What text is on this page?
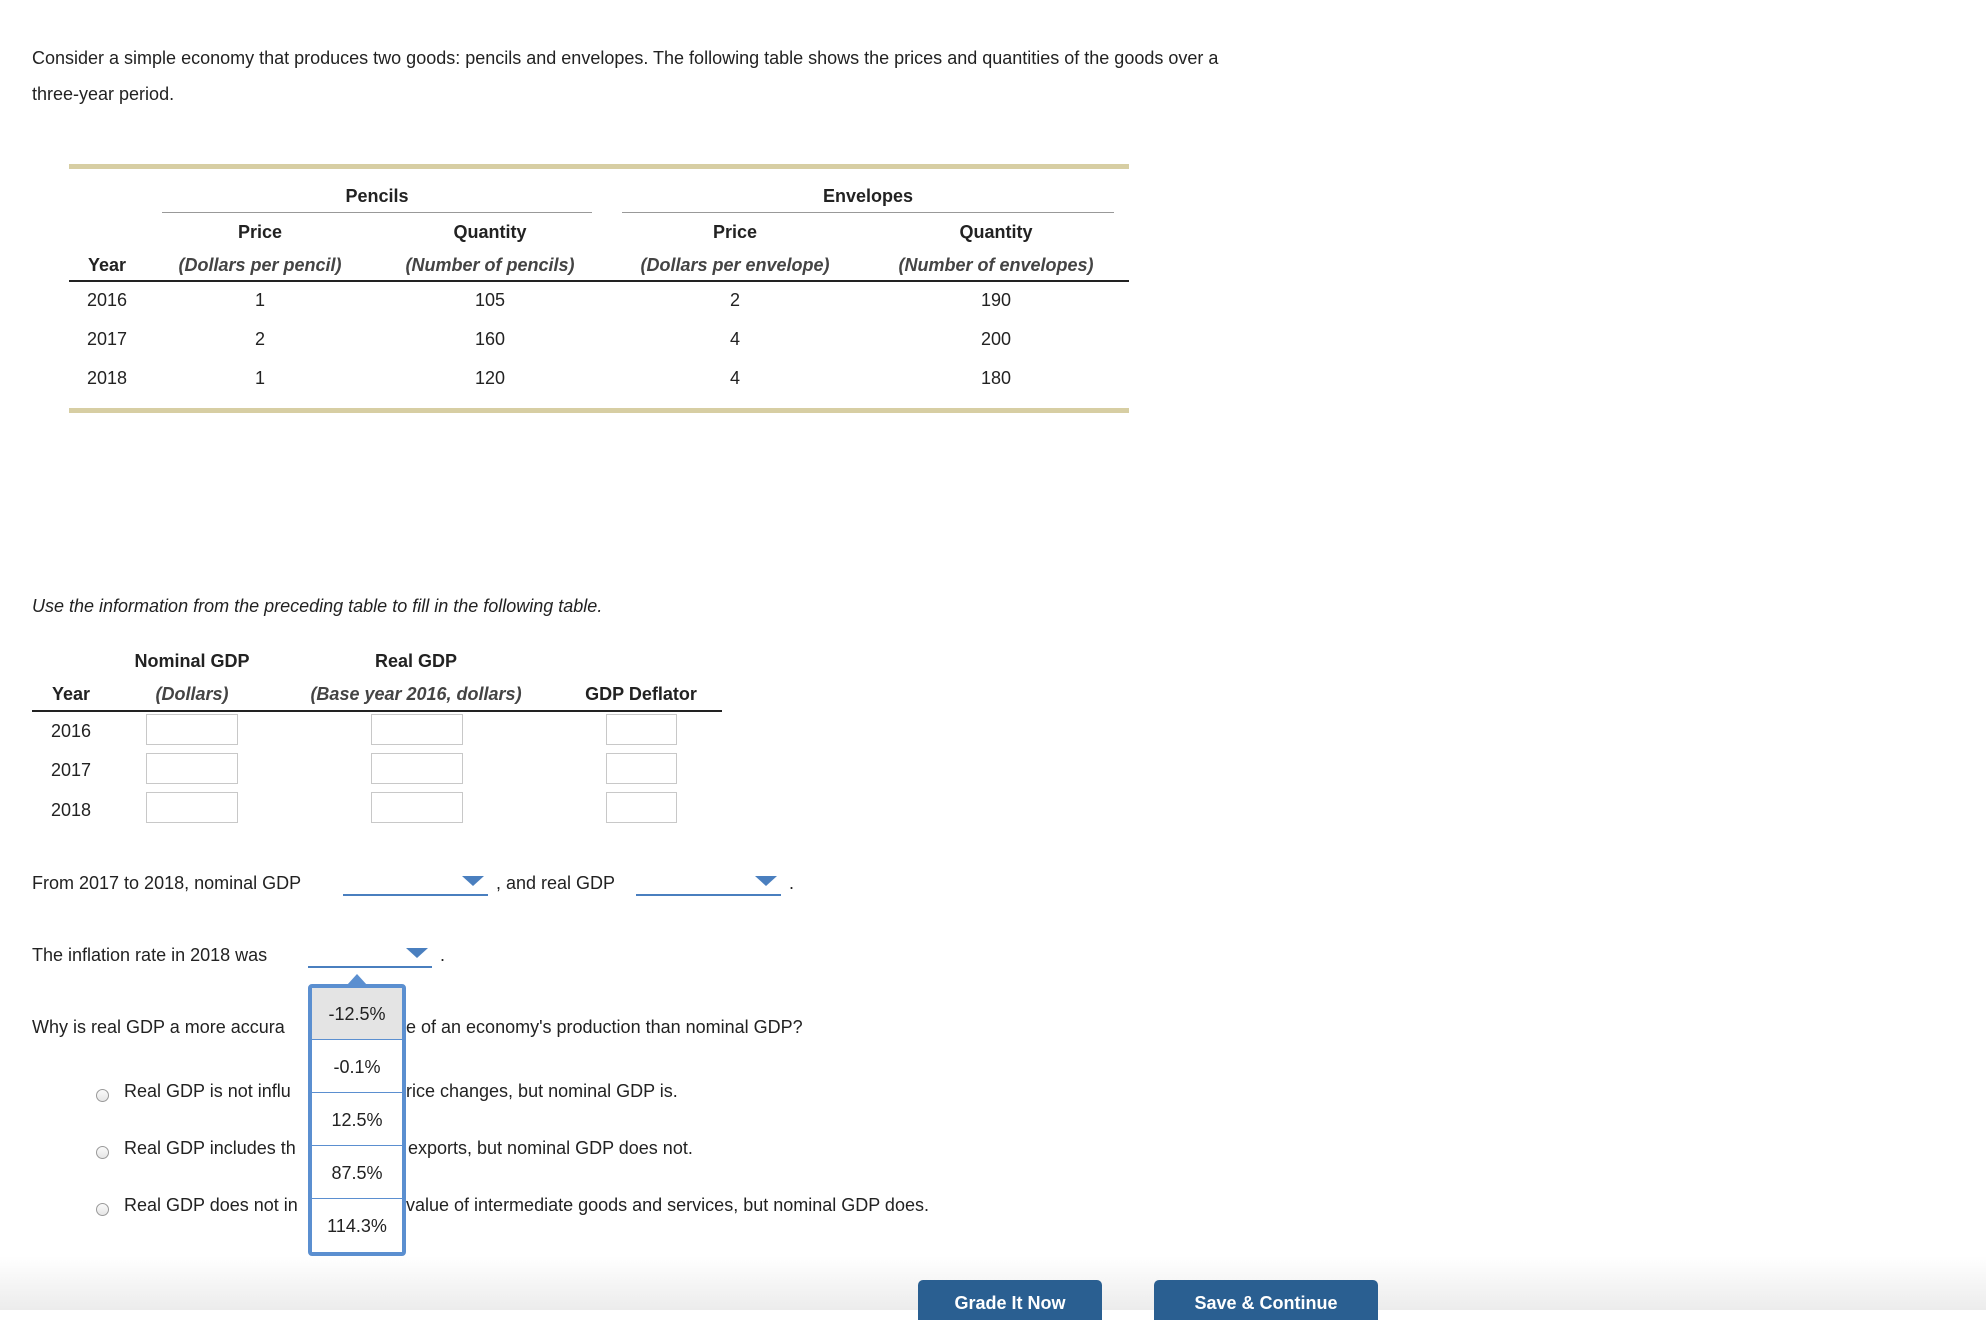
Consider a simple economy that produces two goods: pencils and envelopes. The following table shows the prices and quantities of the goods over a
three-year period.
Pencils	Envelopes
Price	Quantity	Price	Quantity
Year	(Dollars per pencil)	(Number of pencils)	(Dollars per envelope)	(Number of envelopes)
2016	1	105	2	190
2017	2	160	4	200
2018	1	120	4	180
Use the information from the preceding table to fill in the following table.
Nominal GDP	Real GDP
Year	(Dollars)	(Base year 2016, dollars)	GDP Deflator
2016
2017
2018
From 2017 to 2018, nominal GDP	, and real GDP	.
The inflation rate in 2018 was	.
Why is real GDP a more accura	e of an economy's production than nominal GDP?
Real GDP is not influ	rice changes, but nominal GDP is.
Real GDP includes th	exports, but nominal GDP does not.
Real GDP does not in	value of intermediate goods and services, but nominal GDP does.
-12.5%
-0.1%
12.5%
87.5%
114.3%
Grade It Now	Save & Continue
